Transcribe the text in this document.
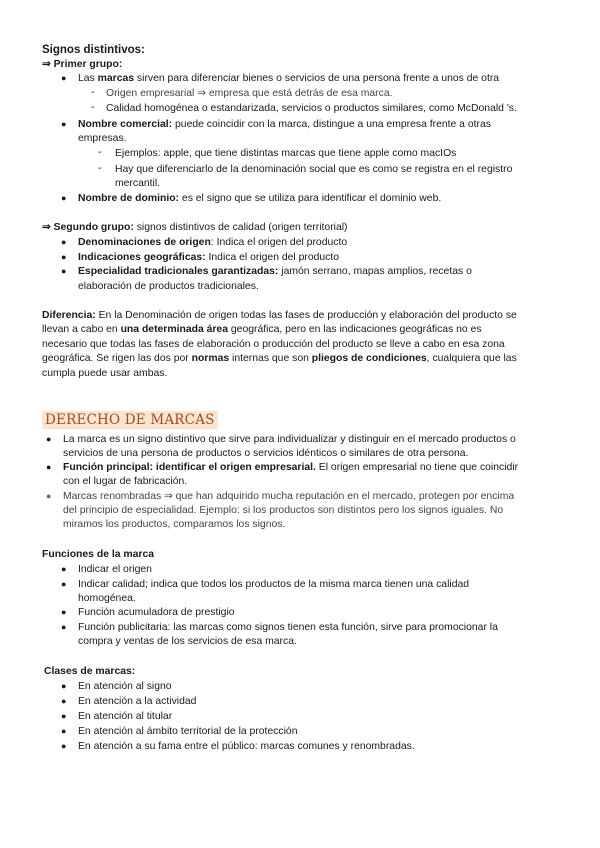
Signos distintivos:
⇒ Primer grupo:
● Las marcas sirven para diferenciar bienes o servicios de una persona frente a unos de otra
- Origen empresarial ⇒ empresa que está detrás de esa marca.
- Calidad homogénea o estandarizada, servicios o productos similares, como McDonald 's.
● Nombre comercial: puede coincidir con la marca, distingue a una empresa frente a otras
empresas.
- Ejemplos: apple, que tiene distintas marcas que tiene apple como macIOs
- Hay que diferenciarlo de la denominación social que es como se registra en el registro
mercantil.
● Nombre de dominio: es el signo que se utiliza para identificar el dominio web.
⇒ Segundo grupo: signos distintivos de calidad (origen territorial)
● Denominaciones de origen: Indica el origen del producto
● Indicaciones geográficas: Indica el origen del producto
● Especialidad tradicionales garantizadas: jamón serrano, mapas amplios, recetas o
elaboración de productos tradicionales.
Diferencia: En la Denominación de origen todas las fases de producción y elaboración del producto se
llevan a cabo en una determinada área geográfica, pero en las indicaciones geográficas no es
necesario que todas las fases de elaboración o producción del producto se lleve a cabo en esa zona
geográfica. Se rigen las dos por normas internas que son pliegos de condiciones, cualquiera que las
cumpla puede usar ambas.
DERECHO DE MARCAS
● La marca es un signo distintivo que sirve para individualizar y distinguir en el mercado productos o
servicios de una persona de productos o servicios idénticos o similares de otra persona.
● Función principal: identificar el origen empresarial. El origen empresarial no tiene que coincidir
con el lugar de fabricación.
● Marcas renombradas ⇒ que han adquirido mucha reputación en el mercado, protegen por encima
del principio de especialidad. Ejemplo: si los productos son distintos pero los signos iguales. No
miramos los productos, comparamos los signos.
Funciones de la marca
● Indicar el origen
● Indicar calidad; indica que todos los productos de la misma marca tienen una calidad
homogénea.
● Función acumuladora de prestigio
● Función publicitaria: las marcas como signos tienen esta función, sirve para promocionar la
compra y ventas de los servicios de esa marca.
Clases de marcas:
● En atención al signo
● En atención a la actividad
● En atención al titular
● En atención al ámbito territorial de la protección
● En atención a su fama entre el público: marcas comunes y renombradas.
